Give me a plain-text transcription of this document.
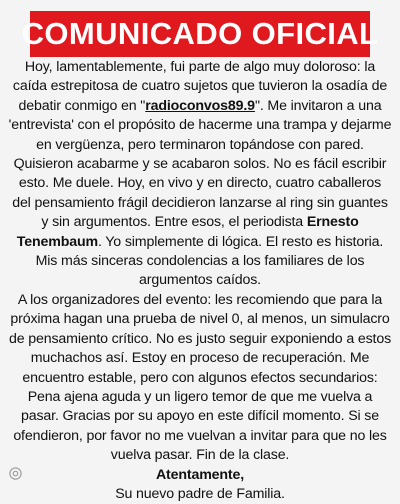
COMUNICADO OFICIAL

Hoy, lamentablemente, fui parte de algo muy doloroso: la caída estrepitosa de cuatro sujetos que tuvieron la osadía de debatir conmigo en "radioconvos89.9". Me invitaron a una 'entrevista' con el propósito de hacerme una trampa y dejarme en vergüenza, pero terminaron topándose con pared. Quisieron acabarme y se acabaron solos. No es fácil escribir esto. Me duele. Hoy, en vivo y en directo, cuatro caballeros del pensamiento frágil decidieron lanzarse al ring sin guantes y sin argumentos. Entre esos, el periodista Ernesto Tenembaum. Yo simplemente di lógica. El resto es historia. Mis más sinceras condolencias a los familiares de los argumentos caídos.

A los organizadores del evento: les recomiendo que para la próxima hagan una prueba de nivel 0, al menos, un simulacro de pensamiento crítico. No es justo seguir exponiendo a estos muchachos así. Estoy en proceso de recuperación. Me encuentro estable, pero con algunos efectos secundarios: Pena ajena aguda y un ligero temor de que me vuelva a pasar. Gracias por su apoyo en este difícil momento. Si se ofendieron, por favor no me vuelvan a invitar para que no les vuelva pasar. Fin de la clase.

Atentamente,

Su nuevo padre de Familia.
